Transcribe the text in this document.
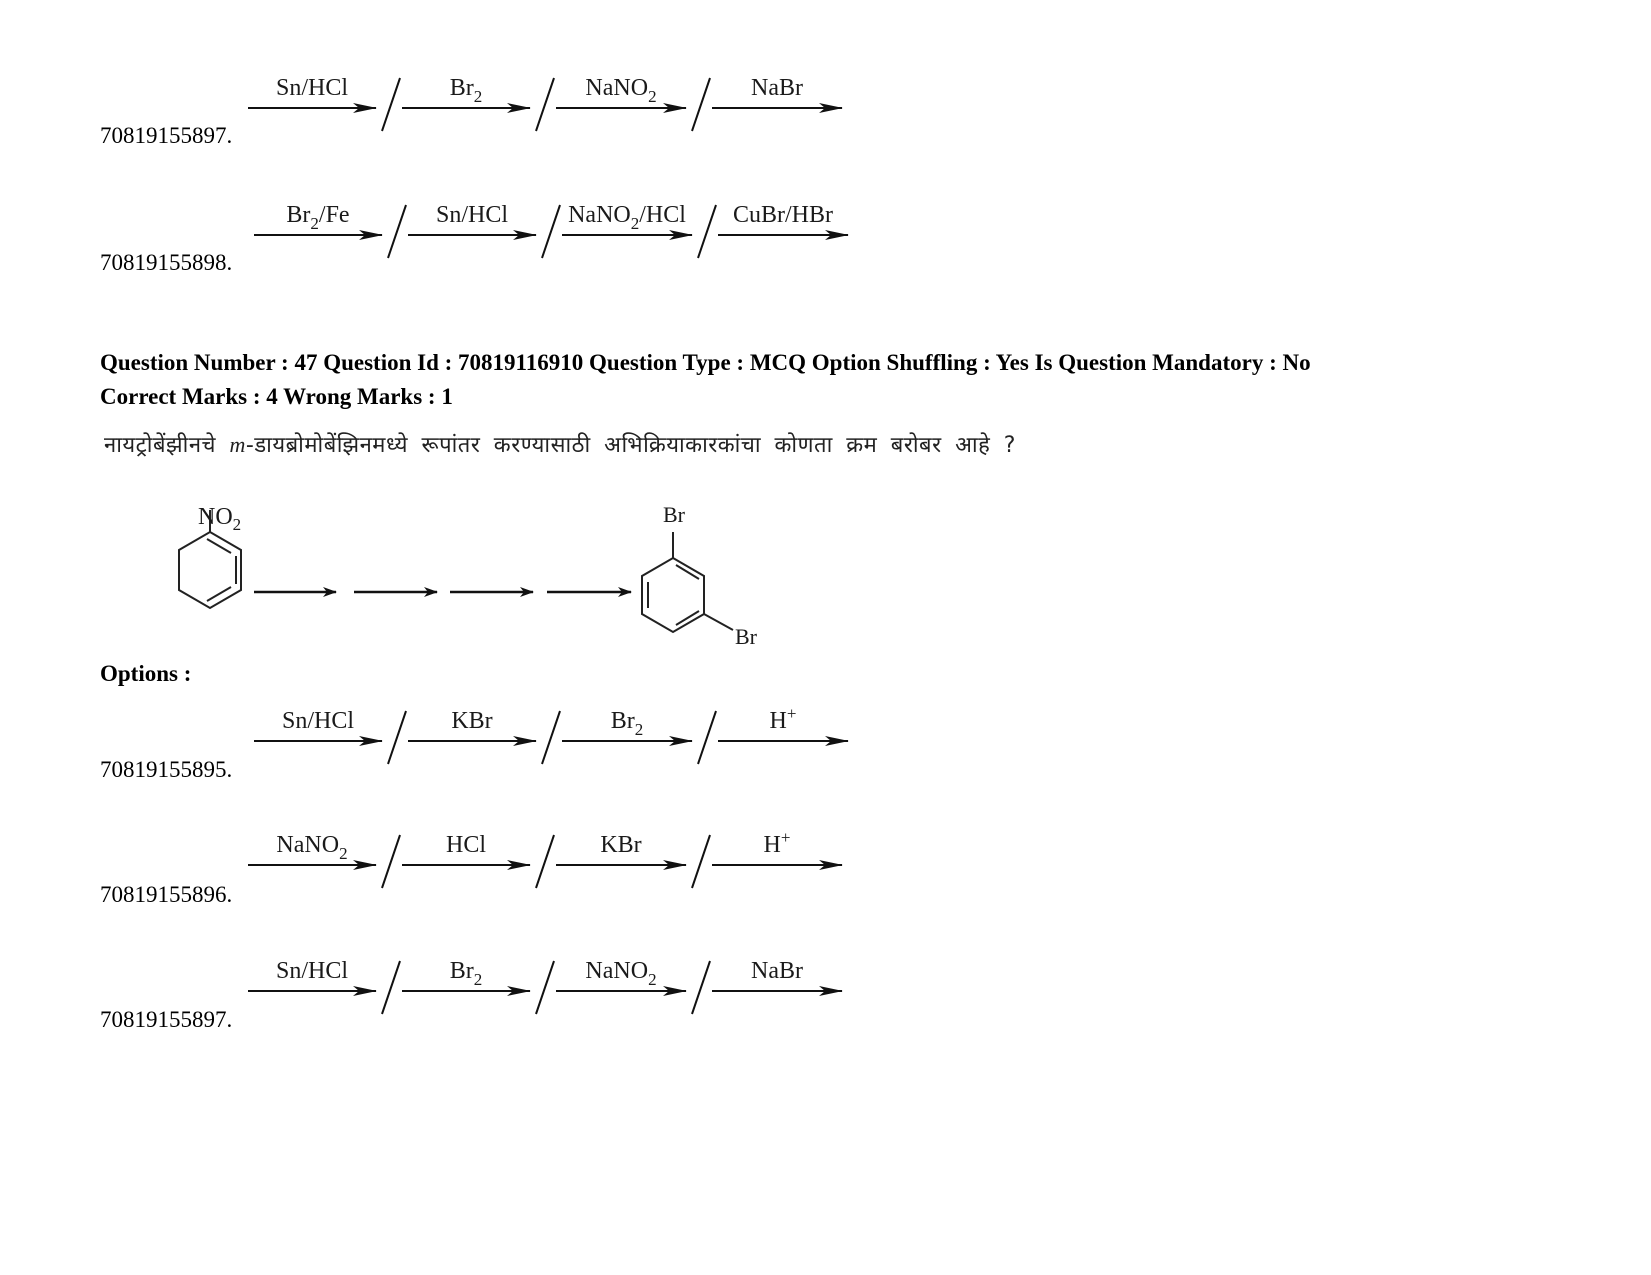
Sn/HCl	$Br_2$	NaNO$_2$	NaBr
70819155897.
$Br_2/Fe$	Sn/HCl	NaNO$_2$/HCl CuBr/HBr
70819155898.
Question Number : 47 Question Id : 70819116910 Question Type : MCQ Option Shuffling : Yes Is Question Mandatory : No
Correct Marks : 4 Wrong Marks : 1
नायट्रोबेंझीनचे m-डायब्रोमोबेंझिनमध्ये रूपांतर करण्यासाठी अभिक्रियाकारकांचा कोणता क्रम बरोबर आहे ?
$NO_2$	Br
Br
Options :
Sn/HCl	KBr	$Br_2$	H+
70819155895.
NaNO$_2$	HCl	KBr	H+
70819155896.
Sn/HCl	$Br_2$	NaNO$_2$	NaBr
70819155897.
